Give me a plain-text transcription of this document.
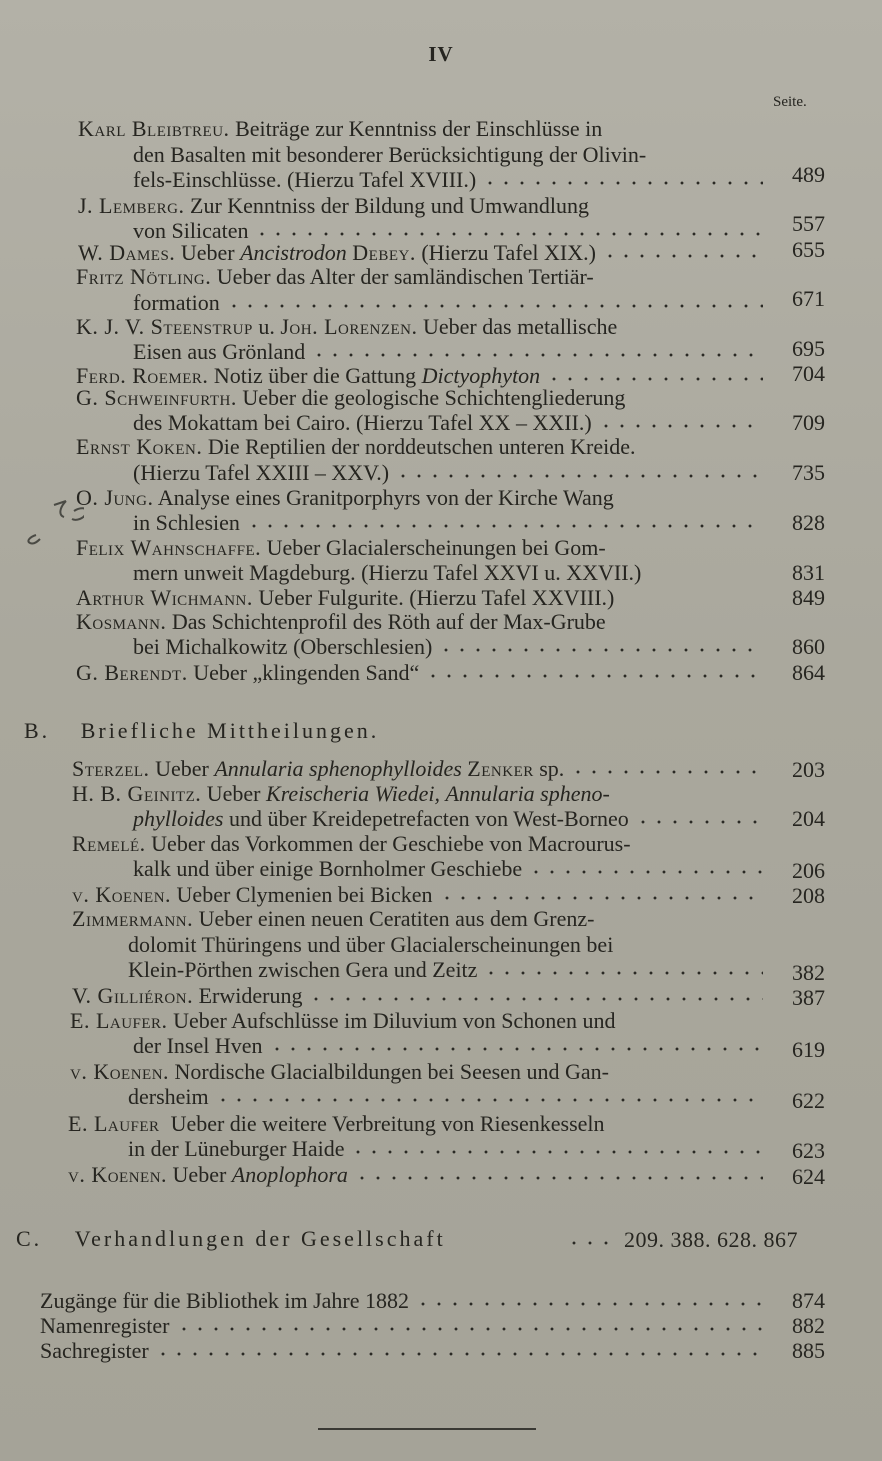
IV
Seite.
Karl Bleibtreu. Beiträge zur Kenntniss der Einschlüsse in
den Basalten mit besonderer Berücksichtigung der Olivin-
fels-Einschlüsse. (Hierzu Tafel XVIII.)	489
J. Lemberg. Zur Kenntniss der Bildung und Umwandlung
von Silicaten	557
W. Dames. Ueber Ancistrodon Debey. (Hierzu Tafel XIX.)	655
Fritz Nötling. Ueber das Alter der samländischen Tertiär-
formation	671
K. J. V. Steenstrup u. Joh. Lorenzen. Ueber das metallische
Eisen aus Grönland	695
Ferd. Roemer. Notiz über die Gattung Dictyophyton	704
G. Schweinfurth. Ueber die geologische Schichtengliederung
des Mokattam bei Cairo. (Hierzu Tafel XX – XXII.)	709
Ernst Koken. Die Reptilien der norddeutschen unteren Kreide.
(Hierzu Tafel XXIII – XXV.)	735
O. Jung. Analyse eines Granitporphyrs von der Kirche Wang
in Schlesien	828
Felix Wahnschaffe. Ueber Glacialerscheinungen bei Gom-
mern unweit Magdeburg. (Hierzu Tafel XXVI u. XXVII.)	831
Arthur Wichmann. Ueber Fulgurite. (Hierzu Tafel XXVIII.)	849
Kosmann. Das Schichtenprofil des Röth auf der Max-Grube
bei Michalkowitz (Oberschlesien)	860
G. Berendt. Ueber „klingenden Sand“	864
B. Briefliche Mittheilungen.
Sterzel. Ueber Annularia sphenophylloides Zenker sp.	203
H. B. Geinitz. Ueber Kreischeria Wiedei, Annularia spheno-
phylloides und über Kreidepetrefacten von West-Borneo	204
Remelé. Ueber das Vorkommen der Geschiebe von Macrourus-
kalk und über einige Bornholmer Geschiebe	206
v. Koenen. Ueber Clymenien bei Bicken	208
Zimmermann. Ueber einen neuen Ceratiten aus dem Grenz-
dolomit Thüringens und über Glacialerscheinungen bei
Klein-Pörthen zwischen Gera und Zeitz	382
V. Gilliéron. Erwiderung	387
E. Laufer. Ueber Aufschlüsse im Diluvium von Schonen und
der Insel Hven	619
v. Koenen. Nordische Glacialbildungen bei Seesen und Gan-
dersheim	622
E. Laufer Ueber die weitere Verbreitung von Riesenkesseln
in der Lüneburger Haide	623
v. Koenen. Ueber Anoplophora	624
C. Verhandlungen der Gesellschaft	209. 388. 628. 867
Zugänge für die Bibliothek im Jahre 1882	874
Namenregister	882
Sachregister	885
